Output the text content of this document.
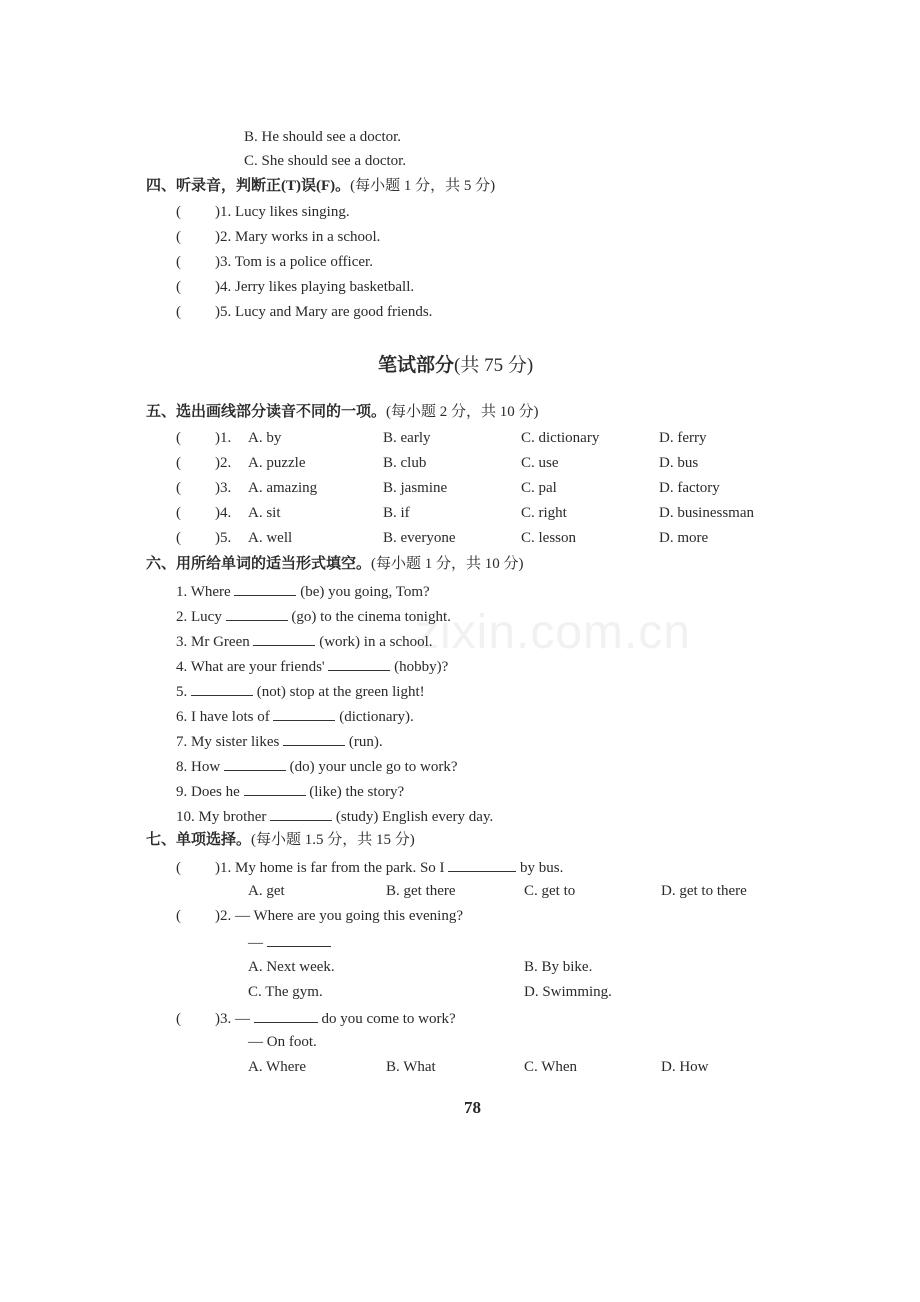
zixin.com.cn
B. He should see a doctor.
C. She should see a doctor.
四、听录音，判断正(T)误(F)。(每小题 1 分，共 5 分)
( )1. Lucy likes singing.
( )2. Mary works in a school.
( )3. Tom is a police officer.
( )4. Jerry likes playing basketball.
( )5. Lucy and Mary are good friends.
笔试部分(共 75 分)
五、选出画线部分读音不同的一项。(每小题 2 分，共 10 分)
( )1. A. by	B. early	C. dictionary	D. ferry
( )2. A. puzzle	B. club	C. use	D. bus
( )3. A. amazing	B. jasmine	C. pal	D. factory
( )4. A. sit	B. if	C. right	D. businessman
( )5. A. well	B. everyone	C. lesson	D. more
六、用所给单词的适当形式填空。(每小题 1 分，共 10 分)
1. Where	(be) you going, Tom?
2. Lucy	(go) to the cinema tonight.
3. Mr Green	(work) in a school.
4. What are your friends'	(hobby)?
5.	(not) stop at the green light!
6. I have lots of	(dictionary).
7. My sister likes	(run).
8. How	(do) your uncle go to work?
9. Does he	(like) the story?
10. My brother	(study) English every day.
七、单项选择。(每小题 1.5 分，共 15 分)
( )1. My home is far from the park. So I	by bus.
A. get	B. get there	C. get to	D. get to there
( )2. — Where are you going this evening?
—
A. Next week.	B. By bike.
C. The gym.	D. Swimming.
( )3. —	do you come to work?
— On foot.
A. Where	B. What	C. When	D. How
78
